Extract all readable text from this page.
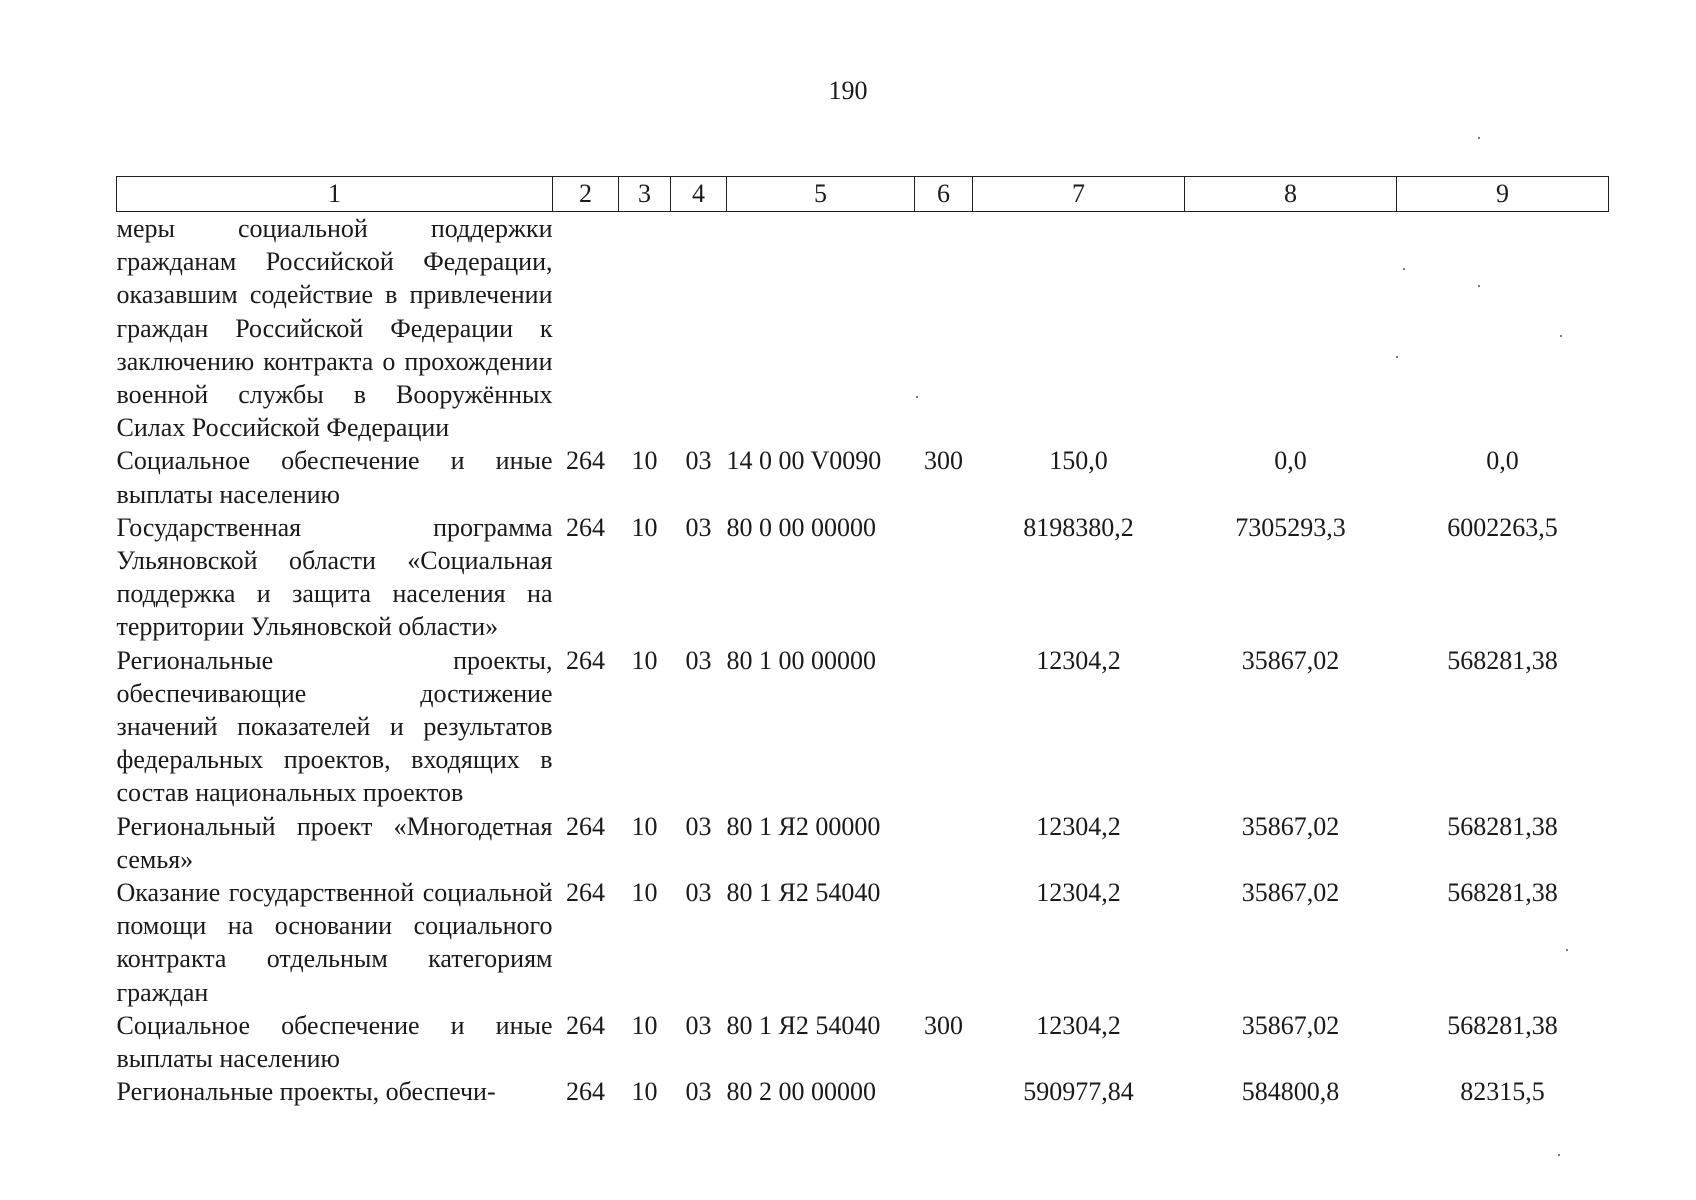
190
1	2	3	4	5	6	7	8	9
меры социальной поддержки гражданам Российской Федерации, оказавшим содействие в привлечении граждан Российской Федерации к заключению контракта о прохождении военной службы в Вооружённых Силах Российской Федерации								
Социальное обеспечение и иные выплаты населению	264	10	03	14 0 00 V0090	300	150,0	0,0	0,0
Государственная программа Ульяновской области «Социальная поддержка и защита населения на территории Ульяновской области»	264	10	03	80 0 00 00000		8198380,2	7305293,3	6002263,5
Региональные проекты, обеспечивающие достижение значений показателей и результатов федеральных проектов, входящих в состав национальных проектов	264	10	03	80 1 00 00000		12304,2	35867,02	568281,38
Региональный проект «Многодетная семья»	264	10	03	80 1 Я2 00000		12304,2	35867,02	568281,38
Оказание государственной социальной помощи на основании социального контракта отдельным категориям граждан	264	10	03	80 1 Я2 54040		12304,2	35867,02	568281,38
Социальное обеспечение и иные выплаты населению	264	10	03	80 1 Я2 54040	300	12304,2	35867,02	568281,38
Региональные проекты, обеспечи-	264	10	03	80 2 00 00000		590977,84	584800,8	82315,5
